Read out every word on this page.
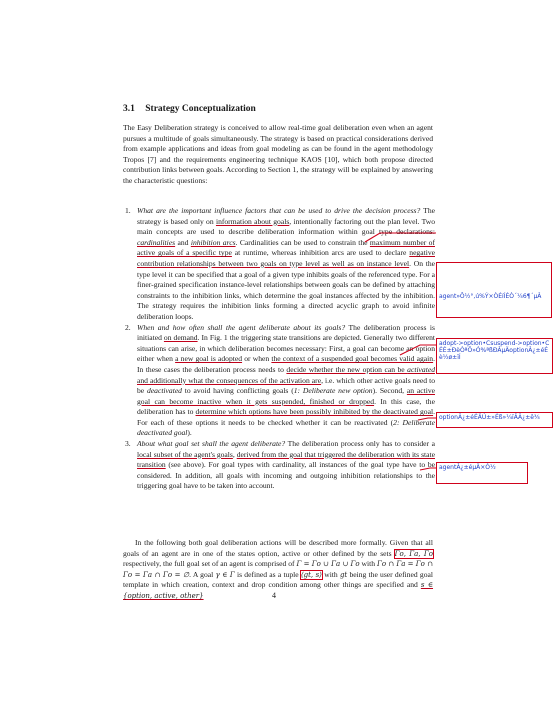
3.1 Strategy Conceptualization

The Easy Deliberation strategy is conceived to allow real-time goal deliberation even when an agent pursues a multitude of goals simultaneously. The strategy is based on practical considerations derived from example applications and ideas from goal modeling as can be found in the agent methodology Tropos [7] and the requirements engineering technique KAOS [10], which both propose directed contribution links between goals. According to Section 1, the strategy will be explained by answering the characteristic questions:

1. What are the important influence factors that can be used to drive the decision process? The strategy is based only on information about goals, intentionally factoring out the plan level. Two main concepts are used to describe deliberation information within goal type declarations: cardinalities and inhibition arcs. Cardinalities can be used to constrain the maximum number of active goals of a specific type at runtime, whereas inhibition arcs are used to declare negative contribution relationships between two goals on type level as well as on instance level. On the type level it can be specified that a goal of a given type inhibits goals of the referenced type. For a finer-grained specification instance-level relationships between goals can be defined by attaching constraints to the inhibition links, which determine the goal instances affected by the inhibition. The strategy requires the inhibition links forming a directed acyclic graph to avoid infinite deliberation loops.
2. When and how often shall the agent deliberate about its goals? The deliberation process is initiated on demand. In Fig. 1 the triggering state transitions are depicted. Generally two different situations can arise, in which deliberation becomes necessary: First, a goal can become an option either when a new goal is adopted or when the context of a suspended goal becomes valid again. In these cases the deliberation process needs to decide whether the new option can be activated and additionally what the consequences of the activation are, i.e. which other active goals need to be deactivated to avoid having conflicting goals (1: Deliberate new option). Second, an active goal can become inactive when it gets suspended, finished or dropped. In this case, the deliberation has to determine which options have been possibly inhibited by the deactivated goal. For each of these options it needs to be checked whether it can be reactivated (2: Deliberate deactivated goal).
3. About what goal set shall the agent deliberate? The deliberation process only has to consider a local subset of the agent's goals, derived from the goal that triggered the deliberation with its state transition (see above). For goal types with cardinality, all instances of the goal type have to be considered. In addition, all goals with incoming and outgoing inhibition relationships to the triggering goal have to be taken into account.

In the following both goal deliberation actions will be described more formally. Given that all goals of an agent are in one of the states option, active or other defined by the sets Γo, Γa, Γo respectively, the full goal set of an agent is comprised of Γ = Γo ∪ Γa ∪ Γo with Γo ∩ Γa = Γo ∩ Γo = Γa ∩ Γo = ∅. A goal γ ∈ Γ is defined as a tuple ⟨gt, s⟩ with gt being the user defined goal template in which creation, context and drop condition among other things are specified and s ∈ {option, active, other}	4
agent»Ô½°,ú%Ý×ÒÉíÍÉÒ´¼6¶´µÂ
adopt->option•Csuspend->option•CÉÉ±ÐèÒªÖ»Ó%ªßÐÂµÄoptionÂ¿±éÉè½ø±ïÍ
optionÂ¿±éÉÄÚ±»Éß»¼ïÂÂ¿±ê¾
agentÂ¿±éµÄ×Ó½
